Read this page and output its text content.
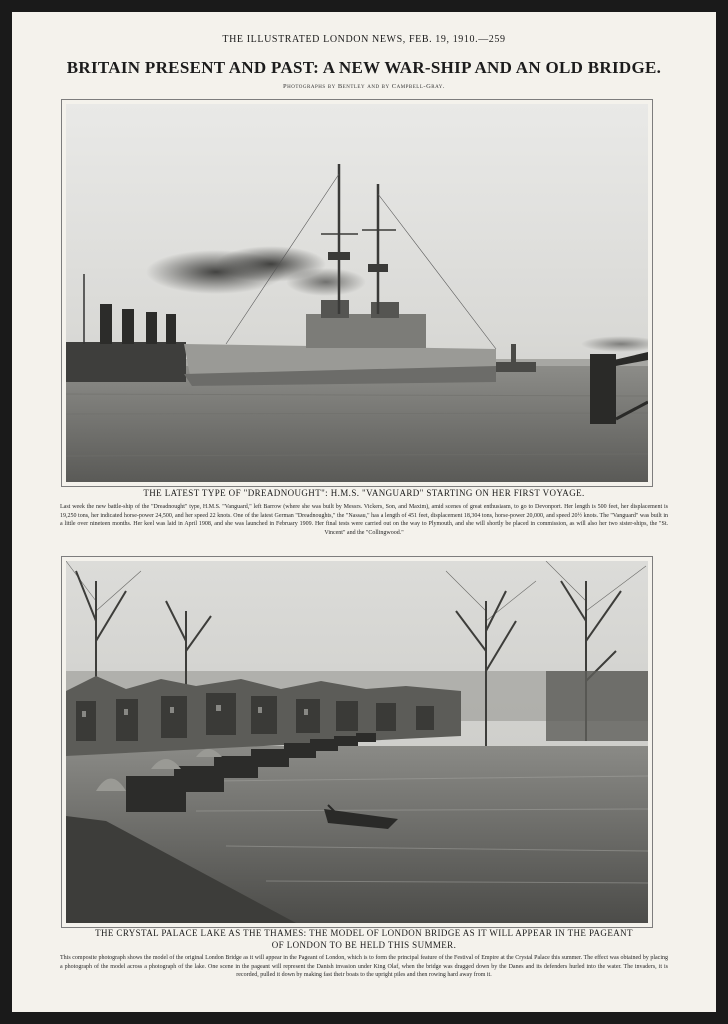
THE ILLUSTRATED LONDON NEWS, FEB. 19, 1910.—259
BRITAIN PRESENT AND PAST: A NEW WAR-SHIP AND AN OLD BRIDGE.
Photographs by Bentley and by Campbell-Gray.
THE LATEST TYPE OF "DREADNOUGHT": H.M.S. "VANGUARD" STARTING ON HER FIRST VOYAGE.
Last week the new battle-ship of the "Dreadnought" type, H.M.S. "Vanguard," left Barrow (where she was built by Messrs. Vickers, Son, and Maxim), amid scenes of great enthusiasm, to go to Devonport. Her length is 500 feet, her displacement is 19,250 tons, her indicated horse-power 24,500, and her speed 22 knots. One of the latest German "Dreadnoughts," the "Nassau," has a length of 451 feet, displacement 18,304 tons, horse-power 20,000, and speed 20½ knots. The "Vanguard" was built in a little over nineteen months. Her keel was laid in April 1908, and she was launched in February 1909. Her final tests were carried out on the way to Plymouth, and she will shortly be placed in commission, as will also her two sister-ships, the "St. Vincent" and the "Collingwood."
THE CRYSTAL PALACE LAKE AS THE THAMES: THE MODEL OF LONDON BRIDGE AS IT WILL APPEAR IN THE PAGEANT
OF LONDON TO BE HELD THIS SUMMER.
This composite photograph shows the model of the original London Bridge as it will appear in the Pageant of London, which is to form the principal feature of the Festival of Empire at the Crystal Palace this summer. The effect was obtained by placing a photograph of the model across a photograph of the lake. One scene in the pageant will represent the Danish invasion under King Olaf, when the bridge was dragged down by the Danes and its defenders hurled into the water. The invaders, it is recorded, pulled it down by making fast their boats to the upright piles and then rowing hard away from it.
